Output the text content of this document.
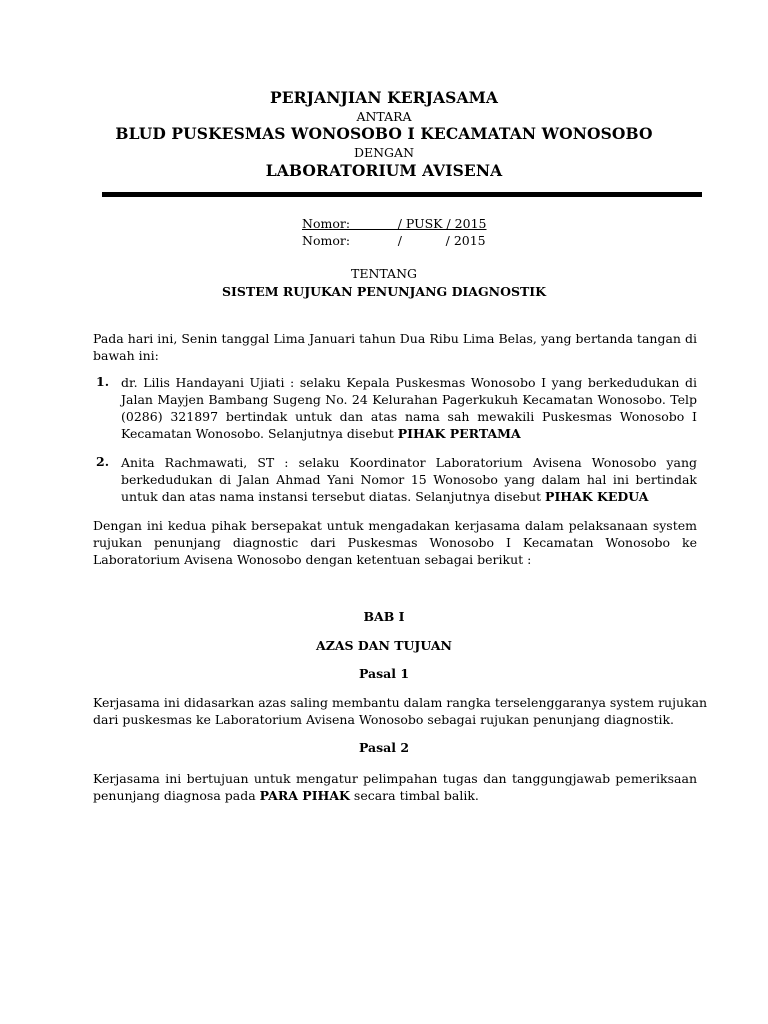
PERJANJIAN KERJASAMA
ANTARA
BLUD PUSKESMAS WONOSOBO I KECAMATAN WONOSOBO
DENGAN
LABORATORIUM AVISENA
Nomor:            / PUSK / 2015
Nomor:            /           / 2015
TENTANG
SISTEM RUJUKAN PENUNJANG DIAGNOSTIK
Pada hari ini, Senin tanggal Lima Januari tahun Dua Ribu Lima Belas, yang bertanda tangan di
bawah ini:
1. dr. Lilis Handayani Ujiati : selaku Kepala Puskesmas Wonosobo I yang berkedudukan di
Jalan Mayjen Bambang Sugeng No. 24 Kelurahan Pagerkukuh Kecamatan Wonosobo. Telp
(0286) 321897 bertindak untuk dan atas nama sah mewakili Puskesmas Wonosobo I
Kecamatan Wonosobo. Selanjutnya disebut PIHAK PERTAMA
2. Anita Rachmawati, ST : selaku Koordinator Laboratorium Avisena Wonosobo yang
berkedudukan di Jalan Ahmad Yani Nomor 15 Wonosobo yang dalam hal ini bertindak
untuk dan atas nama instansi tersebut diatas. Selanjutnya disebut PIHAK KEDUA
Dengan ini kedua pihak bersepakat untuk mengadakan kerjasama dalam pelaksanaan system
rujukan penunjang diagnostic dari Puskesmas Wonosobo I Kecamatan Wonosobo ke
Laboratorium Avisena Wonosobo dengan ketentuan sebagai berikut :
BAB I
AZAS DAN TUJUAN
Pasal 1
Kerjasama ini didasarkan azas saling membantu dalam rangka terselenggaranya system rujukan
dari puskesmas ke Laboratorium Avisena Wonosobo sebagai rujukan penunjang diagnostik.
Pasal 2
Kerjasama ini bertujuan untuk mengatur pelimpahan tugas dan tanggungjawab pemeriksaan
penunjang diagnosa pada PARA PIHAK secara timbal balik.
